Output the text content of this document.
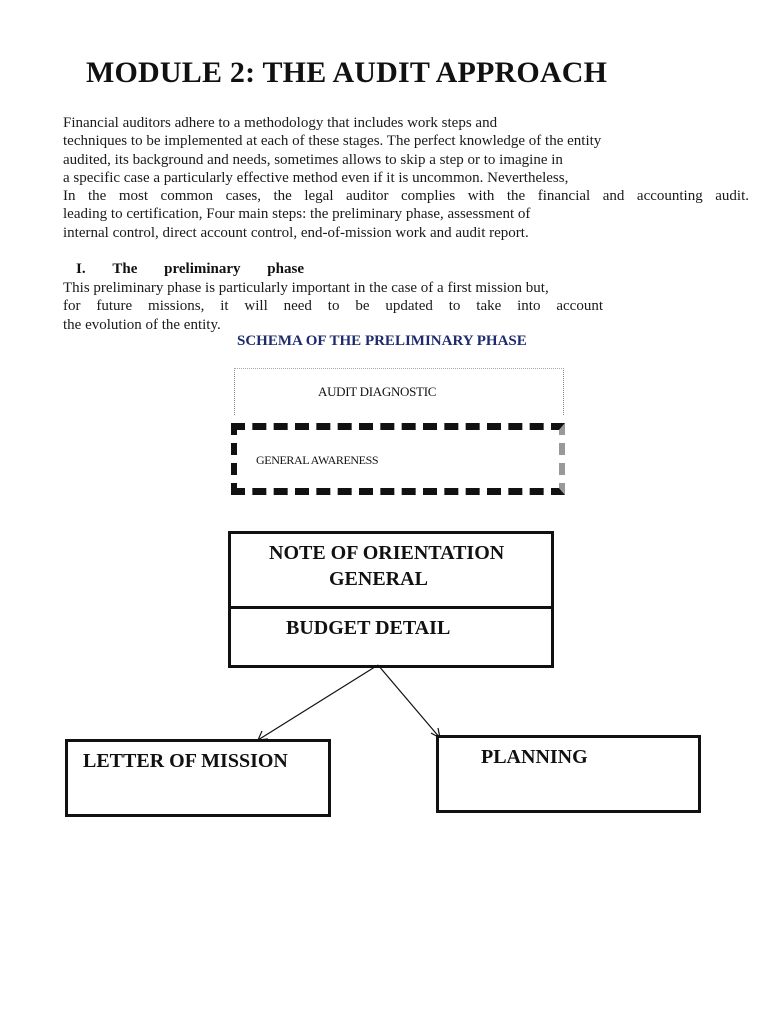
MODULE 2: THE AUDIT APPROACH
Financial auditors adhere to a methodology that includes work steps and
techniques to be implemented at each of these stages. The perfect knowledge of the entity
audited, its background and needs, sometimes allows to skip a step or to imagine in
a specific case a particularly effective method even if it is uncommon. Nevertheless,
In the most common cases, the legal auditor complies with the financial and accounting audit.
leading to certification, Four main steps: the preliminary phase, assessment of
internal control, direct account control, end-of-mission work and audit report.
I. The preliminary phase
This preliminary phase is particularly important in the case of a first mission but,
for future missions, it will need to be updated to take into account
the evolution of the entity.
SCHEMA OF THE PRELIMINARY PHASE
AUDIT DIAGNOSTIC
GENERAL AWARENESS
NOTE OF ORIENTATION
GENERAL
BUDGET DETAIL
LETTER OF MISSION	PLANNING
